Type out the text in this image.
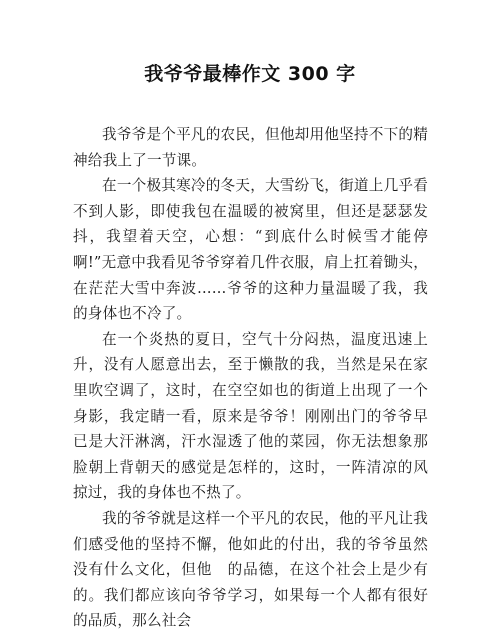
我爷爷最棒作文 300 字

我爷爷是个平凡的农民，但他却用他坚持不下的精神给我上了一节课。

在一个极其寒冷的冬天，大雪纷飞，街道上几乎看不到人影，即使我包在温暖的被窝里，但还是瑟瑟发抖，我望着天空，心想：“到底什么时候雪才能停啊!”无意中我看见爷爷穿着几件衣服，肩上扛着锄头，在茫茫大雪中奔波……爷爷的这种力量温暖了我，我的身体也不冷了。

在一个炎热的夏日，空气十分闷热，温度迅速上升，没有人愿意出去，至于懒散的我，当然是呆在家里吹空调了，这时，在空空如也的街道上出现了一个身影，我定睛一看，原来是爷爷！刚刚出门的爷爷早已是大汗淋漓，汗水湿透了他的菜园，你无法想象那脸朝上背朝天的感觉是怎样的，这时，一阵清凉的风掠过，我的身体也不热了。

我的爷爷就是这样一个平凡的农民，他的平凡让我们感受他的坚持不懈，他如此的付出，我的爷爷虽然没有什么文化，但他　的品德，在这个社会上是少有的。我们都应该向爷爷学习，如果每一个人都有很好的品质，那么社会
